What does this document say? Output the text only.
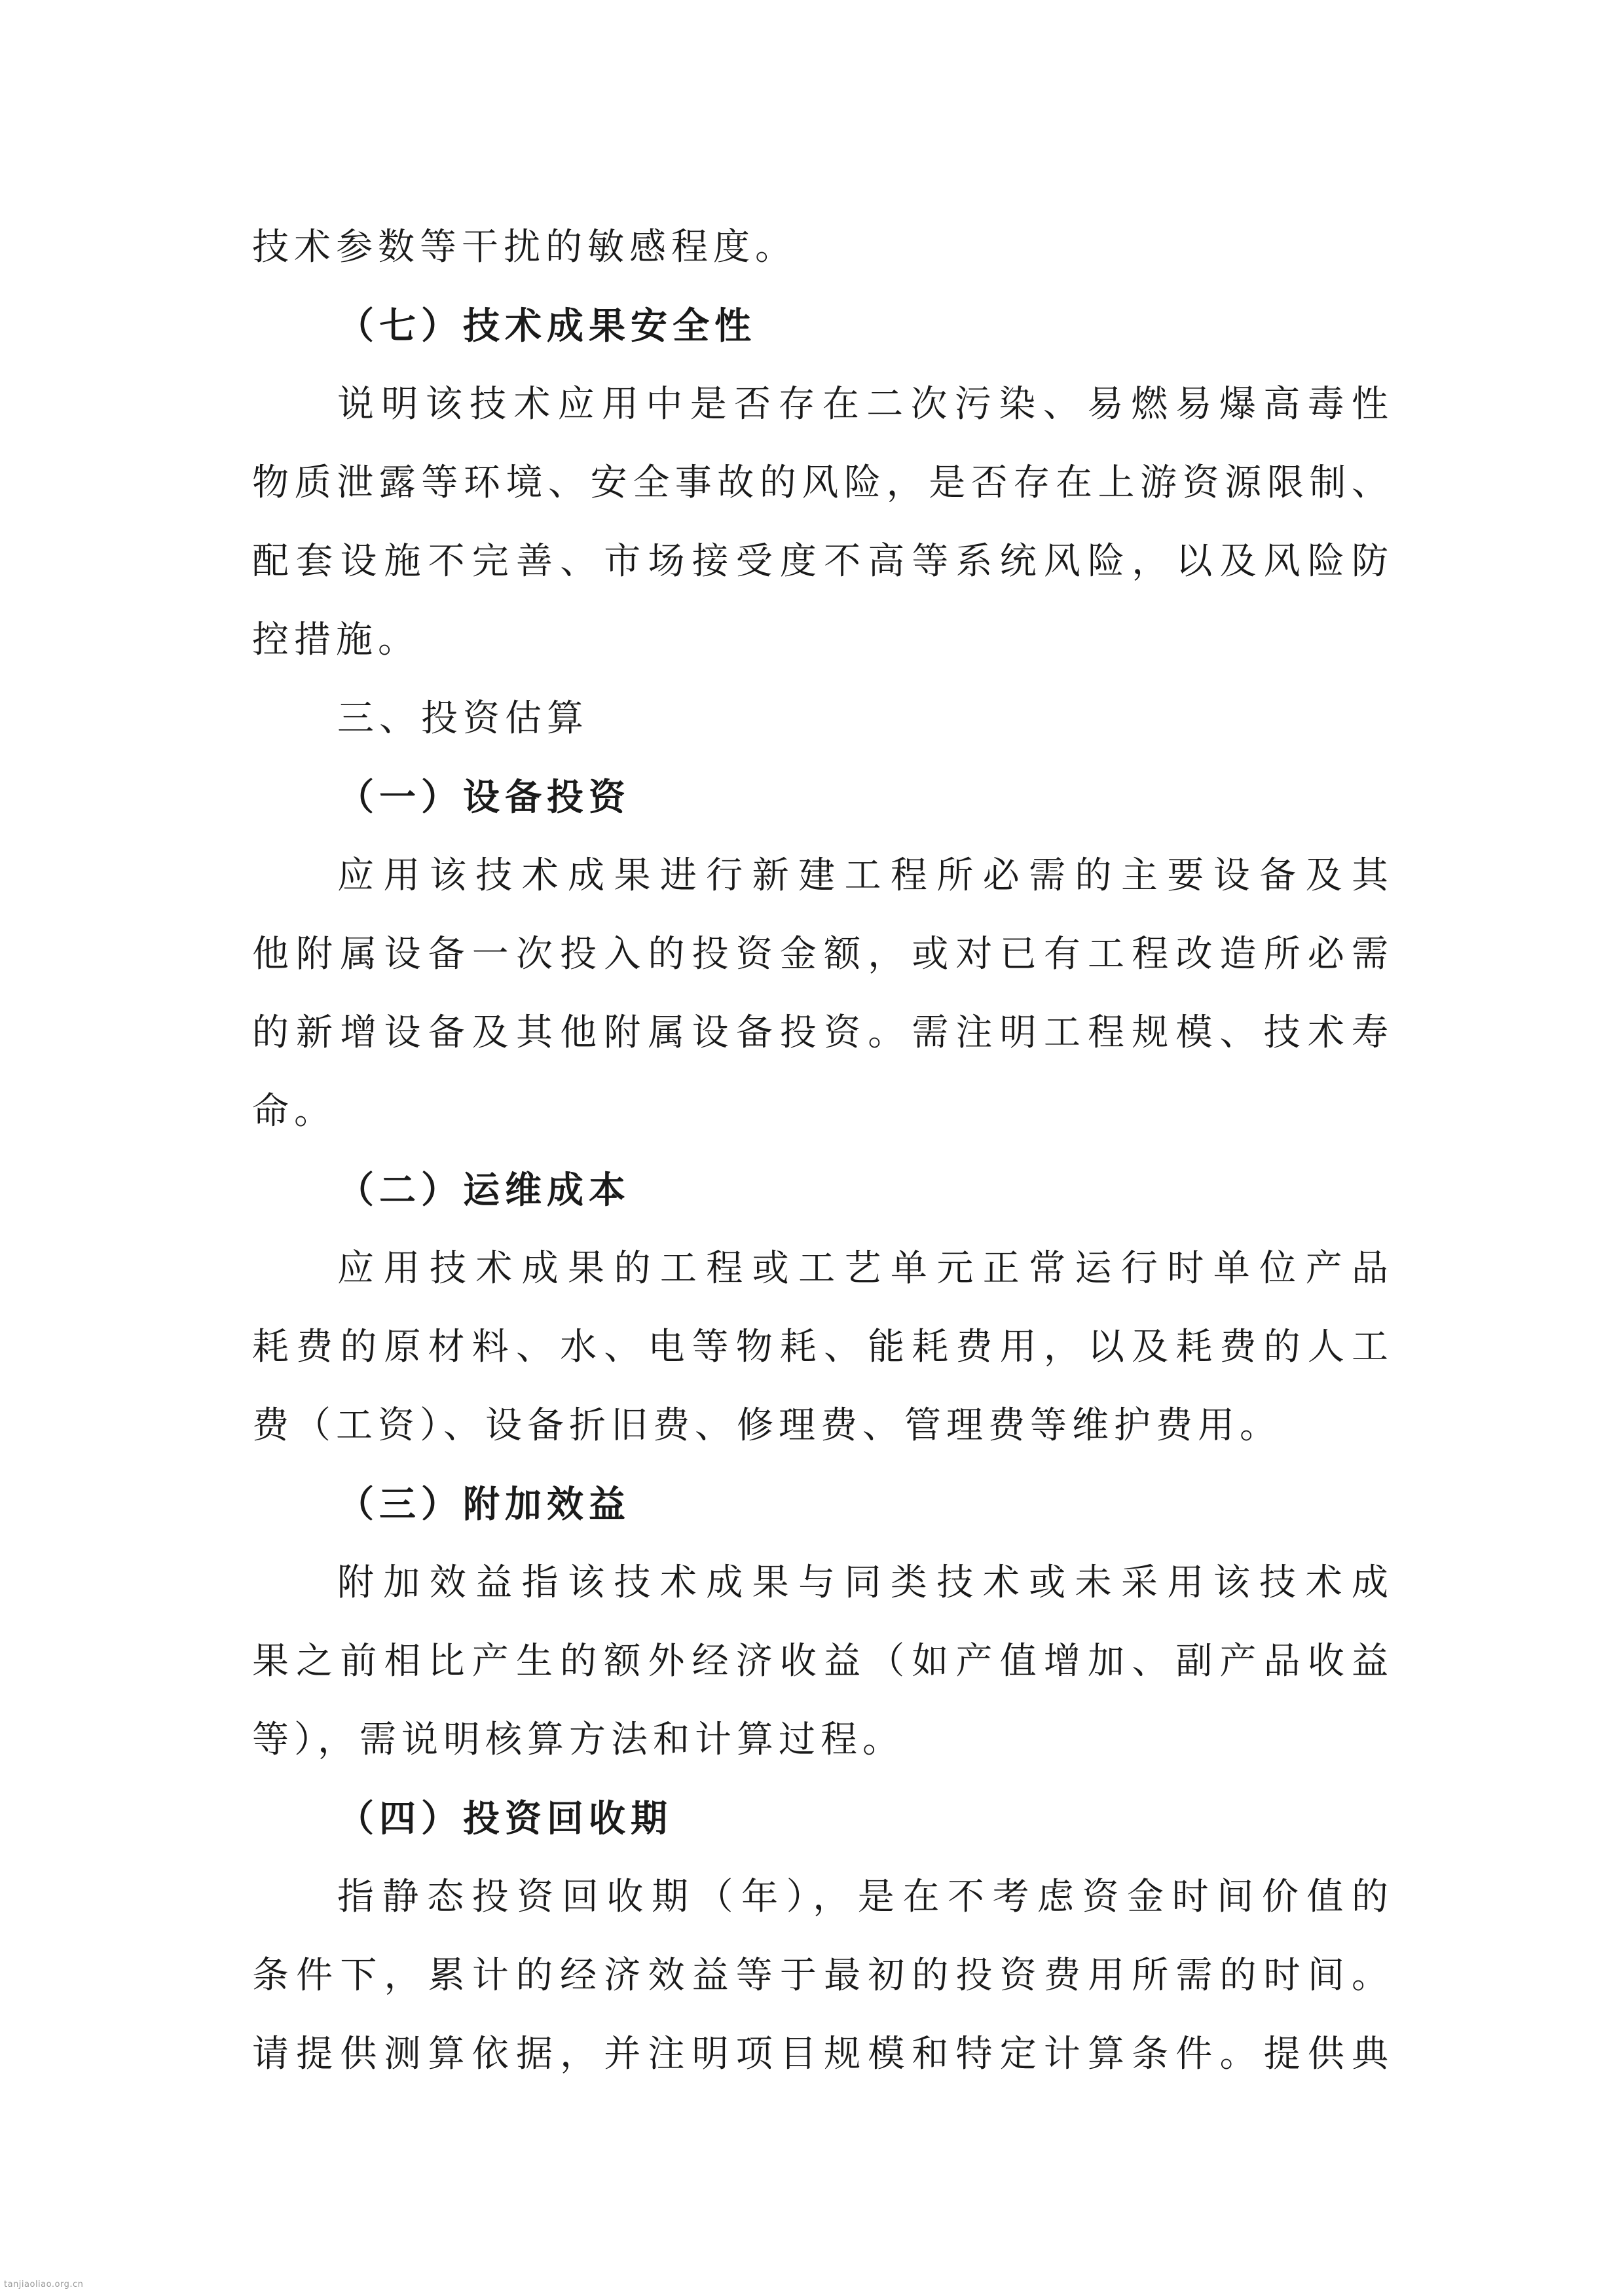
技术参数等干扰的敏感程度。
（七）技术成果安全性
说明该技术应用中是否存在二次污染、易燃易爆高毒性
物质泄露等环境、安全事故的风险，是否存在上游资源限制、
配套设施不完善、市场接受度不高等系统风险，以及风险防
控措施。
三、投资估算
（一）设备投资
应用该技术成果进行新建工程所必需的主要设备及其
他附属设备一次投入的投资金额，或对已有工程改造所必需
的新增设备及其他附属设备投资。需注明工程规模、技术寿
命。
（二）运维成本
应用技术成果的工程或工艺单元正常运行时单位产品
耗费的原材料、水、电等物耗、能耗费用，以及耗费的人工
费（工资）、设备折旧费、修理费、管理费等维护费用。
（三）附加效益
附加效益指该技术成果与同类技术或未采用该技术成
果之前相比产生的额外经济收益（如产值增加、副产品收益
等），需说明核算方法和计算过程。
（四）投资回收期
指静态投资回收期（年），是在不考虑资金时间价值的
条件下，累计的经济效益等于最初的投资费用所需的时间。
请提供测算依据，并注明项目规模和特定计算条件。提供典
tanjiaoliao.org.cn
